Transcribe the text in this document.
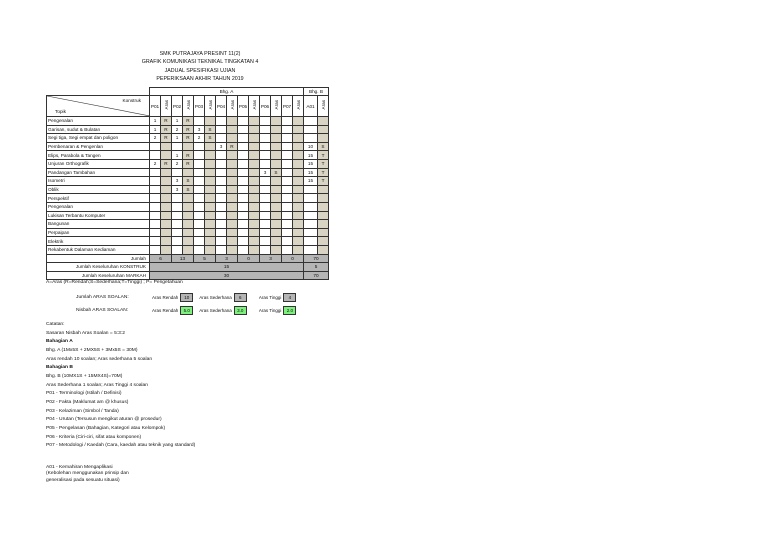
SMK PUTRAJAYA PRESINT 11(2)
GRAFIK KOMUNIKASI TEKNIKAL TINGKATAN 4
JADUAL SPESIFIKASI UJIAN
PEPERIKSAAN AKHIR TAHUN 2019
	Bhg. A														Bhg. B	

Konstruk
Topik	P01	Aras	P02	Aras	P03	Aras	P04	Aras	P05	Aras	P06	Aras	P07	Aras	A01	Aras
Pengenalan	1	R	1	R												
Garisan, sudut & Bulatan	1	R	2	R	3	S										
Segi tiga, Segi empat dan poligon	2	R	1	R	2	S										
Pembenaran & Pengenlan							3	R							10	S
Elips, Parabola & Tangen			1	R											15	T
Unjuran Orthografik	2	R	2	R											15	T
Pandangan Tambahan											3	S			15	T
Isometri			3	S											15	T
Oblik			3	S												
Perspektif																
Pengenalan																
Lukisan Terbantu Komputer																
Bangunan																
Perpaipan																
Elektrik																
Rekabentuk Dalaman Kediaman																
Jumlah	6		13		5		3		0		3		0		70	
Jumlah Keseluruhan KONSTRUK	15														5	
Jumlah Keseluruhan MARKAH	30														70	
A=Aras (R=Rendah;S=Sederhana;T=Tinggi) ; P= Pengetahuan
Jumlah ARAS SOALAN:	Aras Rendah	10	Aras Sederhana	6	Aras Tinggi	4
Nisbah ARAS SOALAN:	Aras Rendah	5.0	Aras Sederhana	3.0	Aras Tinggi	2.0
Catatan:
Sasaran Nisbah Aras Soalan = 5:3:2
Bahagian A
Bhg. A (1Mx5S + 2MX5S + 3Mx5S = 30M)
Aras rendah 10 soalan; Aras sederhana 5 soalan
Bahagian B
Bhg. B (10MX1S + 15MX4S)=70M)
Aras Sederhana 1 soalan; Aras Tinggi 4 soalan
P01 - Terminologi (Istilah / Definisi)
P02 - Fakta (Maklumat am @ khusus)
P03 - Kelaziman (Simbol / Tanda)
P04 - Urutan (Tersusun mengikut aturan @ prosedur)
P05 - Pengelasan (Bahagian, Kategori atau Kelompok)
P06 - Kriteria (Ciri-ciri, sifat atau komponen)
P07 - Metodologi / Kaedah (Cara, kaedah atau teknik yang standard)
A01 - Kemahiran Mengaplikasi
(Kebolehan menggunakan prinsip dan
generalisasi pada sesuatu situasi)
